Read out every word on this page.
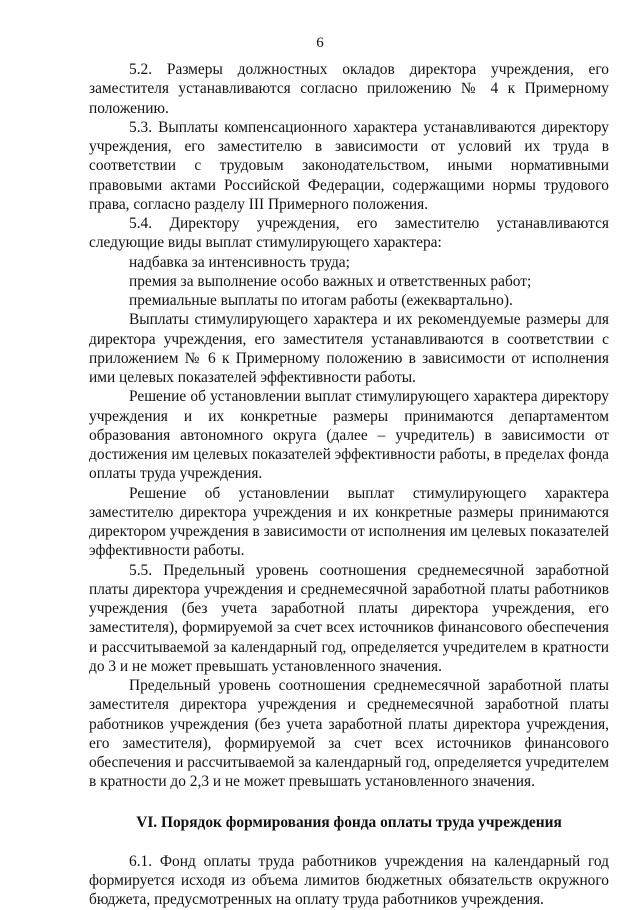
6

5.2. Размеры должностных окладов директора учреждения, его заместителя устанавливаются согласно приложению № 4 к Примерному положению.

5.3. Выплаты компенсационного характера устанавливаются директору учреждения, его заместителю в зависимости от условий их труда в соответствии с трудовым законодательством, иными нормативными правовыми актами Российской Федерации, содержащими нормы трудового права, согласно разделу III Примерного положения.

5.4. Директору учреждения, его заместителю устанавливаются следующие виды выплат стимулирующего характера:

надбавка за интенсивность труда;

премия за выполнение особо важных и ответственных работ;

премиальные выплаты по итогам работы (ежеквартально).

Выплаты стимулирующего характера и их рекомендуемые размеры для директора учреждения, его заместителя устанавливаются в соответствии с приложением № 6 к Примерному положению в зависимости от исполнения ими целевых показателей эффективности работы.

Решение об установлении выплат стимулирующего характера директору учреждения и их конкретные размеры принимаются департаментом образования автономного округа (далее – учредитель) в зависимости от достижения им целевых показателей эффективности работы, в пределах фонда оплаты труда учреждения.

Решение об установлении выплат стимулирующего характера заместителю директора учреждения и их конкретные размеры принимаются директором учреждения в зависимости от исполнения им целевых показателей эффективности работы.

5.5. Предельный уровень соотношения среднемесячной заработной платы директора учреждения и среднемесячной заработной платы работников учреждения (без учета заработной платы директора учреждения, его заместителя), формируемой за счет всех источников финансового обеспечения и рассчитываемой за календарный год, определяется учредителем в кратности до 3 и не может превышать установленного значения.

Предельный уровень соотношения среднемесячной заработной платы заместителя директора учреждения и среднемесячной заработной платы работников учреждения (без учета заработной платы директора учреждения, его заместителя), формируемой за счет всех источников финансового обеспечения и рассчитываемой за календарный год, определяется учредителем в кратности до 2,3 и не может превышать установленного значения.

VI. Порядок формирования фонда оплаты труда учреждения

6.1. Фонд оплаты труда работников учреждения на календарный год формируется исходя из объема лимитов бюджетных обязательств окружного бюджета, предусмотренных на оплату труда работников учреждения.
